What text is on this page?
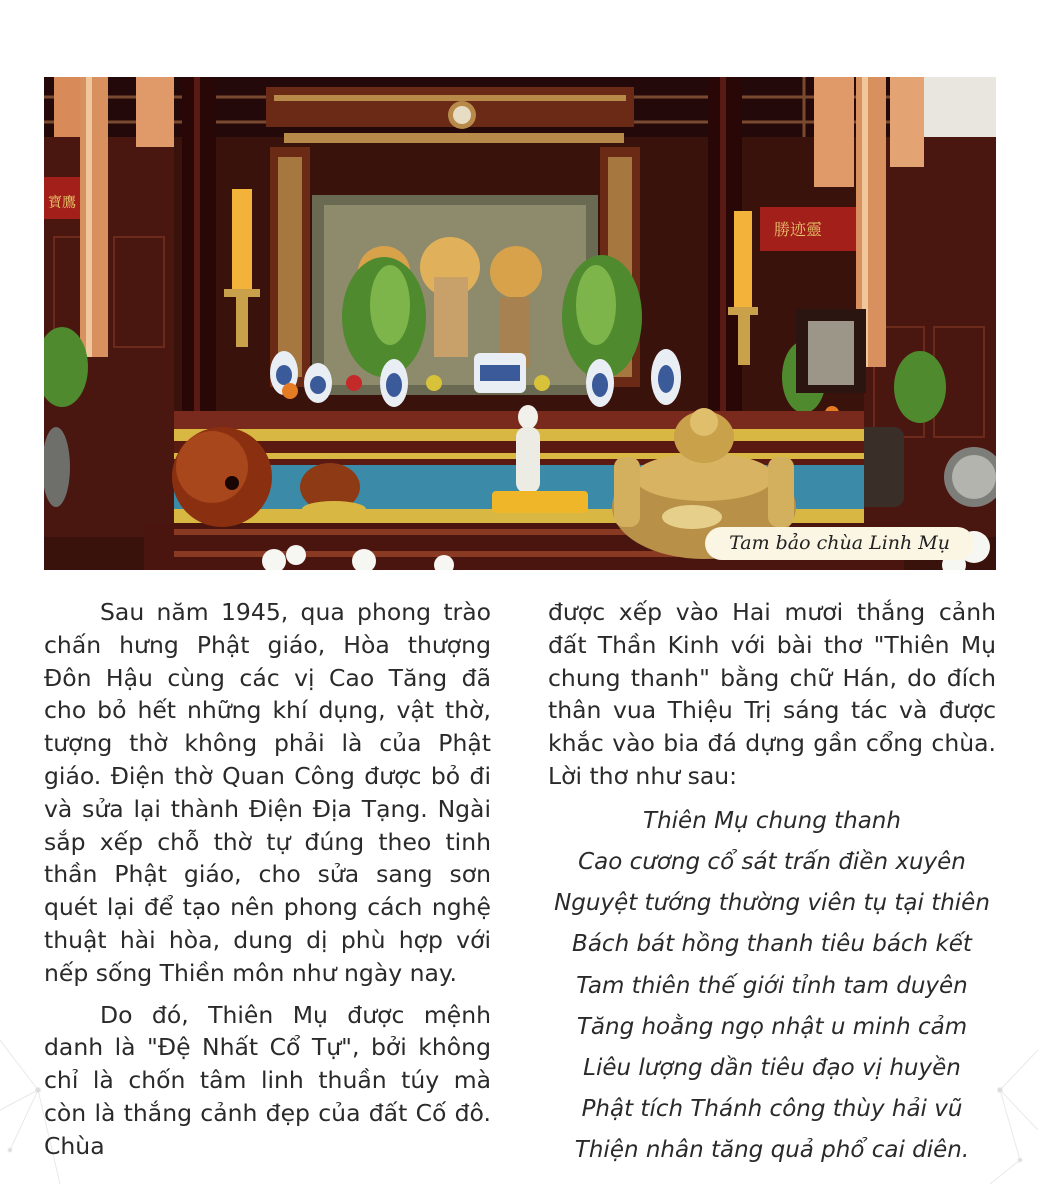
寶鷹
勝迹靈
Tam bảo chùa Linh Mụ

Sau năm 1945, qua phong trào chấn hưng Phật giáo, Hòa thượng Đôn Hậu cùng các vị Cao Tăng đã cho bỏ hết những khí dụng, vật thờ, tượng thờ không phải là của Phật giáo. Điện thờ Quan Công được bỏ đi và sửa lại thành Điện Địa Tạng. Ngài sắp xếp chỗ thờ tự đúng theo tinh thần Phật giáo, cho sửa sang sơn quét lại để tạo nên phong cách nghệ thuật hài hòa, dung dị phù hợp với nếp sống Thiền môn như ngày nay.

Do đó, Thiên Mụ được mệnh danh là "Đệ Nhất Cổ Tự", bởi không chỉ là chốn tâm linh thuần túy mà còn là thắng cảnh đẹp của đất Cố đô. Chùa

được xếp vào Hai mươi thắng cảnh đất Thần Kinh với bài thơ "Thiên Mụ chung thanh" bằng chữ Hán, do đích thân vua Thiệu Trị sáng tác và được khắc vào bia đá dựng gần cổng chùa. Lời thơ như sau:

Thiên Mụ chung thanh
Cao cương cổ sát trấn điền xuyên
Nguyệt tướng thường viên tụ tại thiên
Bách bát hồng thanh tiêu bách kết
Tam thiên thế giới tỉnh tam duyên
Tăng hoằng ngọ nhật u minh cảm
Liêu lượng dần tiêu đạo vị huyền
Phật tích Thánh công thùy hải vũ
Thiện nhân tăng quả phổ cai diên.
